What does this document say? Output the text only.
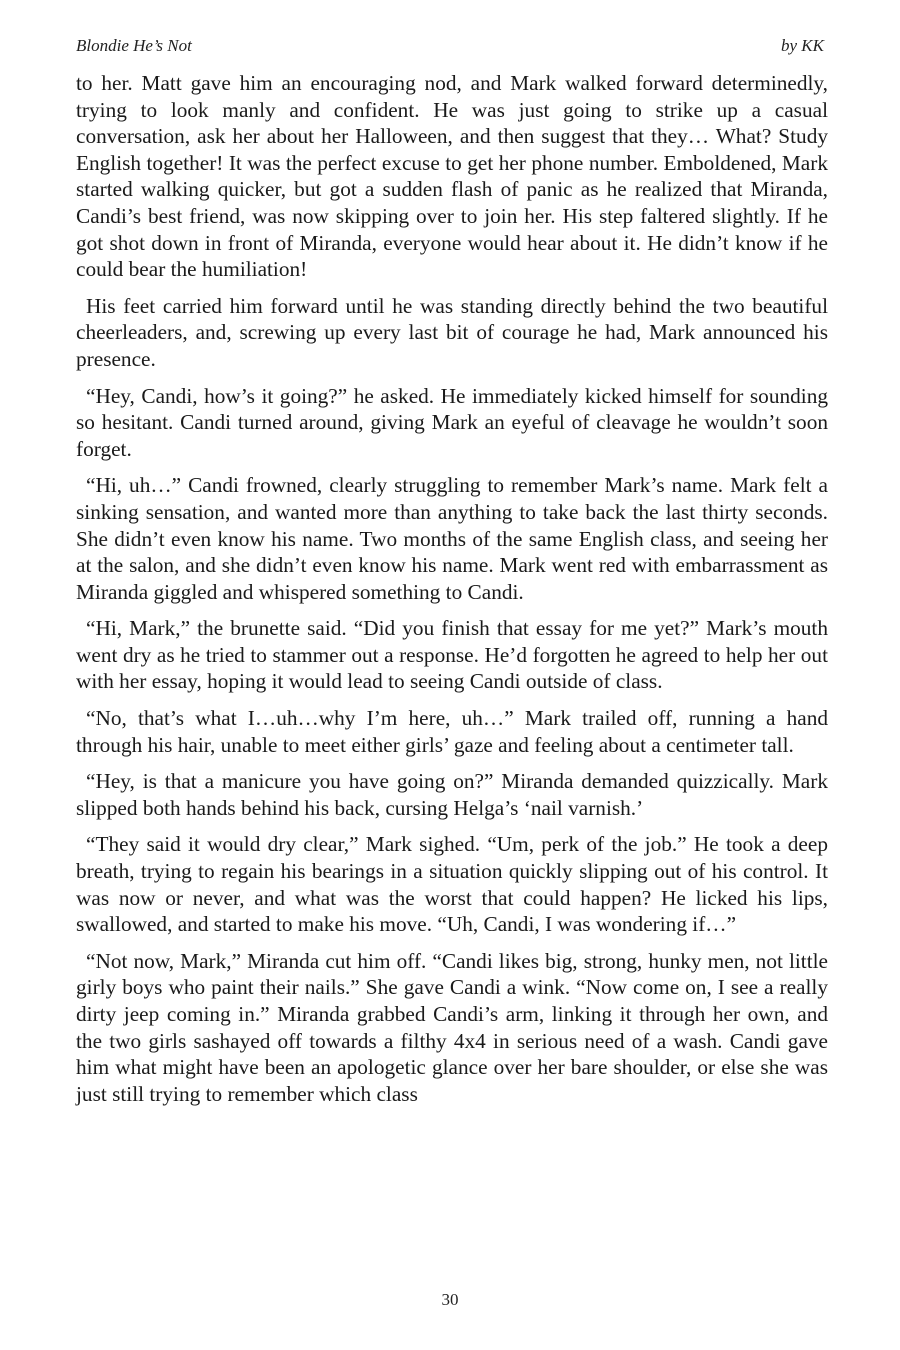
Blondie He’s Not	by KK

to her. Matt gave him an encouraging nod, and Mark walked forward determinedly, trying to look manly and confident. He was just going to strike up a casual conversation, ask her about her Halloween, and then suggest that they… What? Study English together! It was the perfect excuse to get her phone number. Emboldened, Mark started walking quicker, but got a sudden flash of panic as he realized that Miranda, Candi’s best friend, was now skipping over to join her. His step faltered slightly. If he got shot down in front of Miranda, everyone would hear about it. He didn’t know if he could bear the humiliation!

His feet carried him forward until he was standing directly behind the two beautiful cheerleaders, and, screwing up every last bit of courage he had, Mark announced his presence.

“Hey, Candi, how’s it going?” he asked. He immediately kicked himself for sounding so hesitant. Candi turned around, giving Mark an eyeful of cleavage he wouldn’t soon forget.

“Hi, uh…” Candi frowned, clearly struggling to remember Mark’s name. Mark felt a sinking sensation, and wanted more than anything to take back the last thirty seconds. She didn’t even know his name. Two months of the same English class, and seeing her at the salon, and she didn’t even know his name. Mark went red with embarrassment as Miranda giggled and whispered something to Candi.

“Hi, Mark,” the brunette said. “Did you finish that essay for me yet?” Mark’s mouth went dry as he tried to stammer out a response. He’d forgotten he agreed to help her out with her essay, hoping it would lead to seeing Candi outside of class.

“No, that’s what I…uh…why I’m here, uh…” Mark trailed off, running a hand through his hair, unable to meet either girls’ gaze and feeling about a centimeter tall.

“Hey, is that a manicure you have going on?” Miranda demanded quizzically. Mark slipped both hands behind his back, cursing Helga’s ‘nail varnish.’

“They said it would dry clear,” Mark sighed. “Um, perk of the job.” He took a deep breath, trying to regain his bearings in a situation quickly slipping out of his control. It was now or never, and what was the worst that could happen? He licked his lips, swallowed, and started to make his move. “Uh, Candi, I was wondering if…”

“Not now, Mark,” Miranda cut him off. “Candi likes big, strong, hunky men, not little girly boys who paint their nails.” She gave Candi a wink. “Now come on, I see a really dirty jeep coming in.” Miranda grabbed Candi’s arm, linking it through her own, and the two girls sashayed off towards a filthy 4x4 in serious need of a wash. Candi gave him what might have been an apologetic glance over her bare shoulder, or else she was just still trying to remember which class

30
